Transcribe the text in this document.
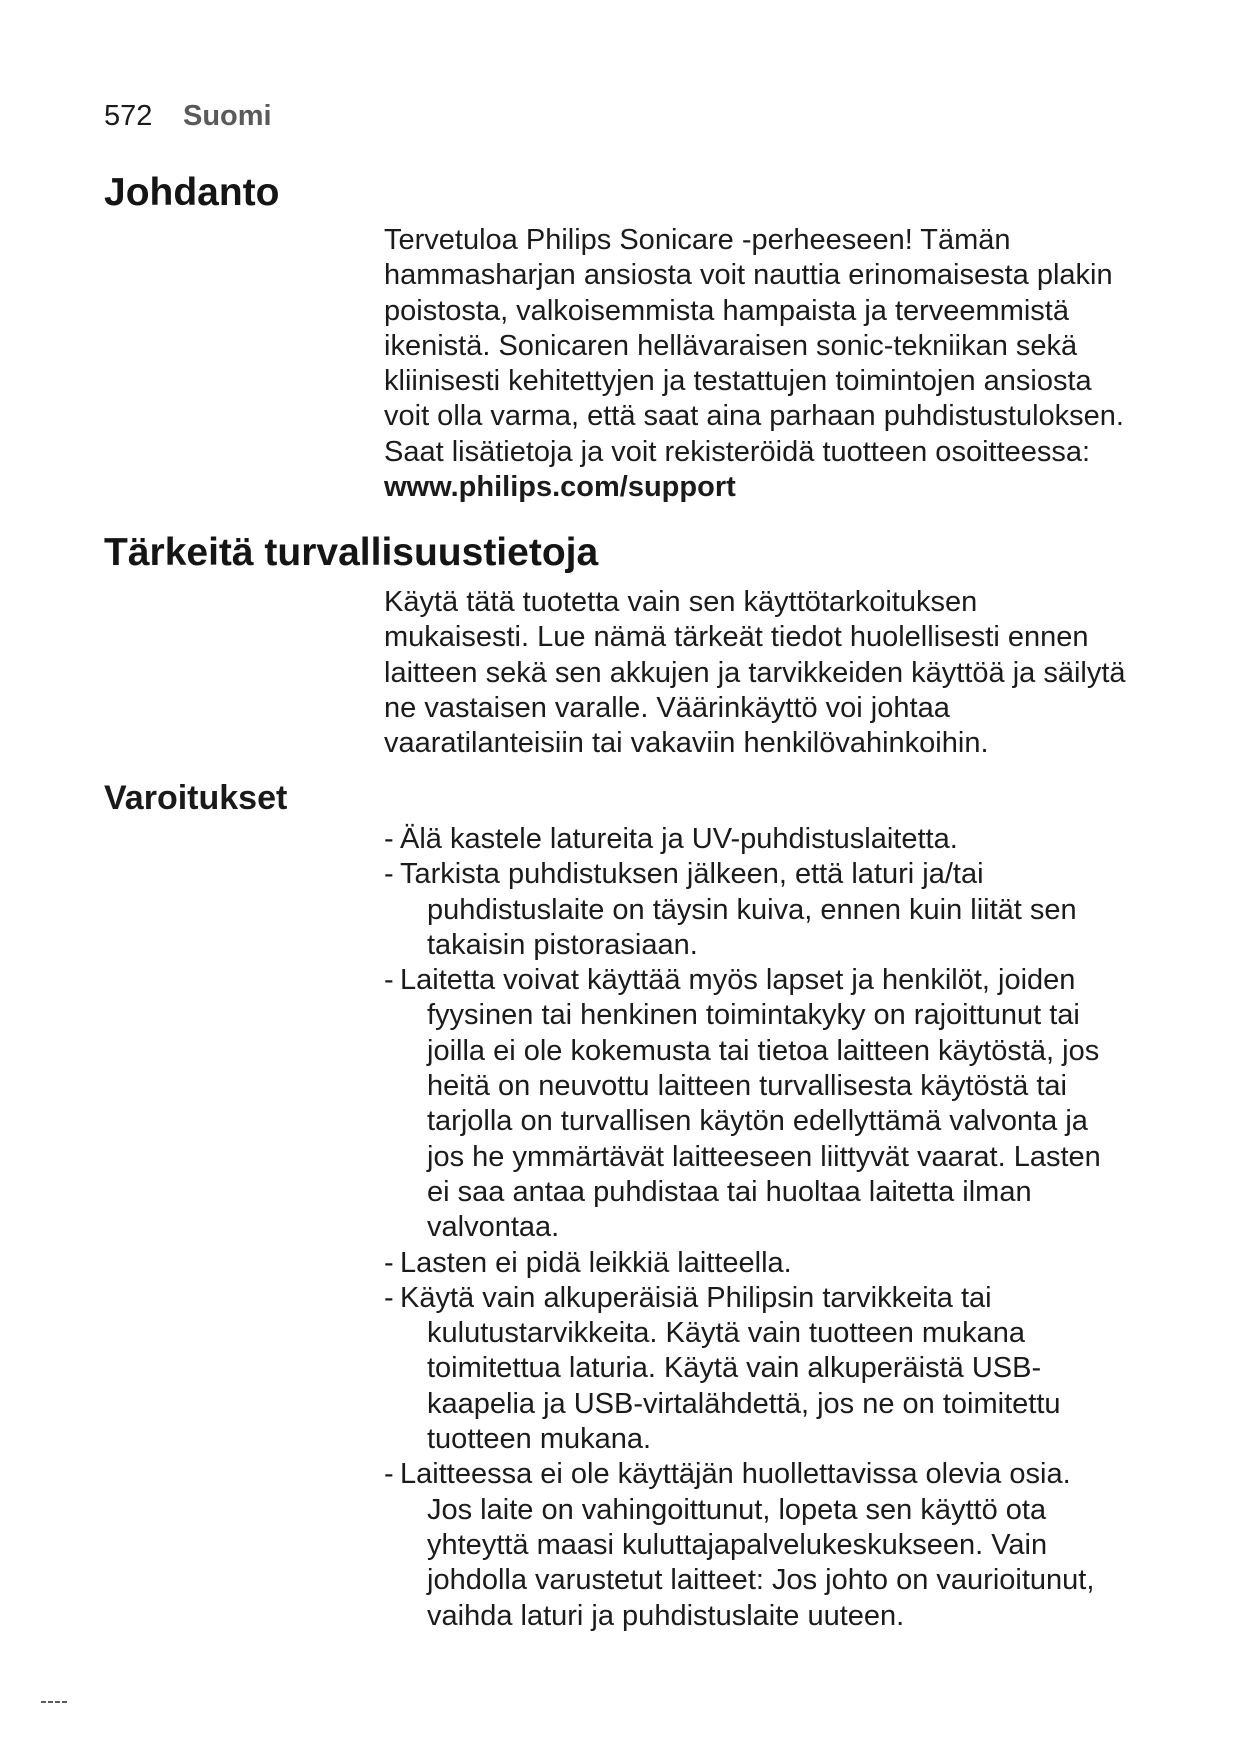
572 Suomi
Johdanto
Tervetuloa Philips Sonicare -perheeseen! Tämän
hammasharjan ansiosta voit nauttia erinomaisesta plakin
poistosta, valkoisemmista hampaista ja terveemmistä
ikenistä. Sonicaren hellävaraisen sonic-tekniikan sekä
kliinisesti kehitettyjen ja testattujen toimintojen ansiosta
voit olla varma, että saat aina parhaan puhdistustuloksen.
Saat lisätietoja ja voit rekisteröidä tuotteen osoitteessa:
www.philips.com/support
Tärkeitä turvallisuustietoja
Käytä tätä tuotetta vain sen käyttötarkoituksen
mukaisesti. Lue nämä tärkeät tiedot huolellisesti ennen
laitteen sekä sen akkujen ja tarvikkeiden käyttöä ja säilytä
ne vastaisen varalle. Väärinkäyttö voi johtaa
vaaratilanteisiin tai vakaviin henkilövahinkoihin.
Varoitukset
- Älä kastele latureita ja UV-puhdistuslaitetta.
- Tarkista puhdistuksen jälkeen, että laturi ja/tai
puhdistuslaite on täysin kuiva, ennen kuin liität sen
takaisin pistorasiaan.
- Laitetta voivat käyttää myös lapset ja henkilöt, joiden
fyysinen tai henkinen toimintakyky on rajoittunut tai
joilla ei ole kokemusta tai tietoa laitteen käytöstä, jos
heitä on neuvottu laitteen turvallisesta käytöstä tai
tarjolla on turvallisen käytön edellyttämä valvonta ja
jos he ymmärtävät laitteeseen liittyvät vaarat. Lasten
ei saa antaa puhdistaa tai huoltaa laitetta ilman
valvontaa.
- Lasten ei pidä leikkiä laitteella.
- Käytä vain alkuperäisiä Philipsin tarvikkeita tai
kulutustarvikkeita. Käytä vain tuotteen mukana
toimitettua laturia. Käytä vain alkuperäistä USB-
kaapelia ja USB-virtalähdettä, jos ne on toimitettu
tuotteen mukana.
- Laitteessa ei ole käyttäjän huollettavissa olevia osia.
Jos laite on vahingoittunut, lopeta sen käyttö ota
yhteyttä maasi kuluttajapalvelukeskukseen. Vain
johdolla varustetut laitteet: Jos johto on vaurioitunut,
vaihda laturi ja puhdistuslaite uuteen.
